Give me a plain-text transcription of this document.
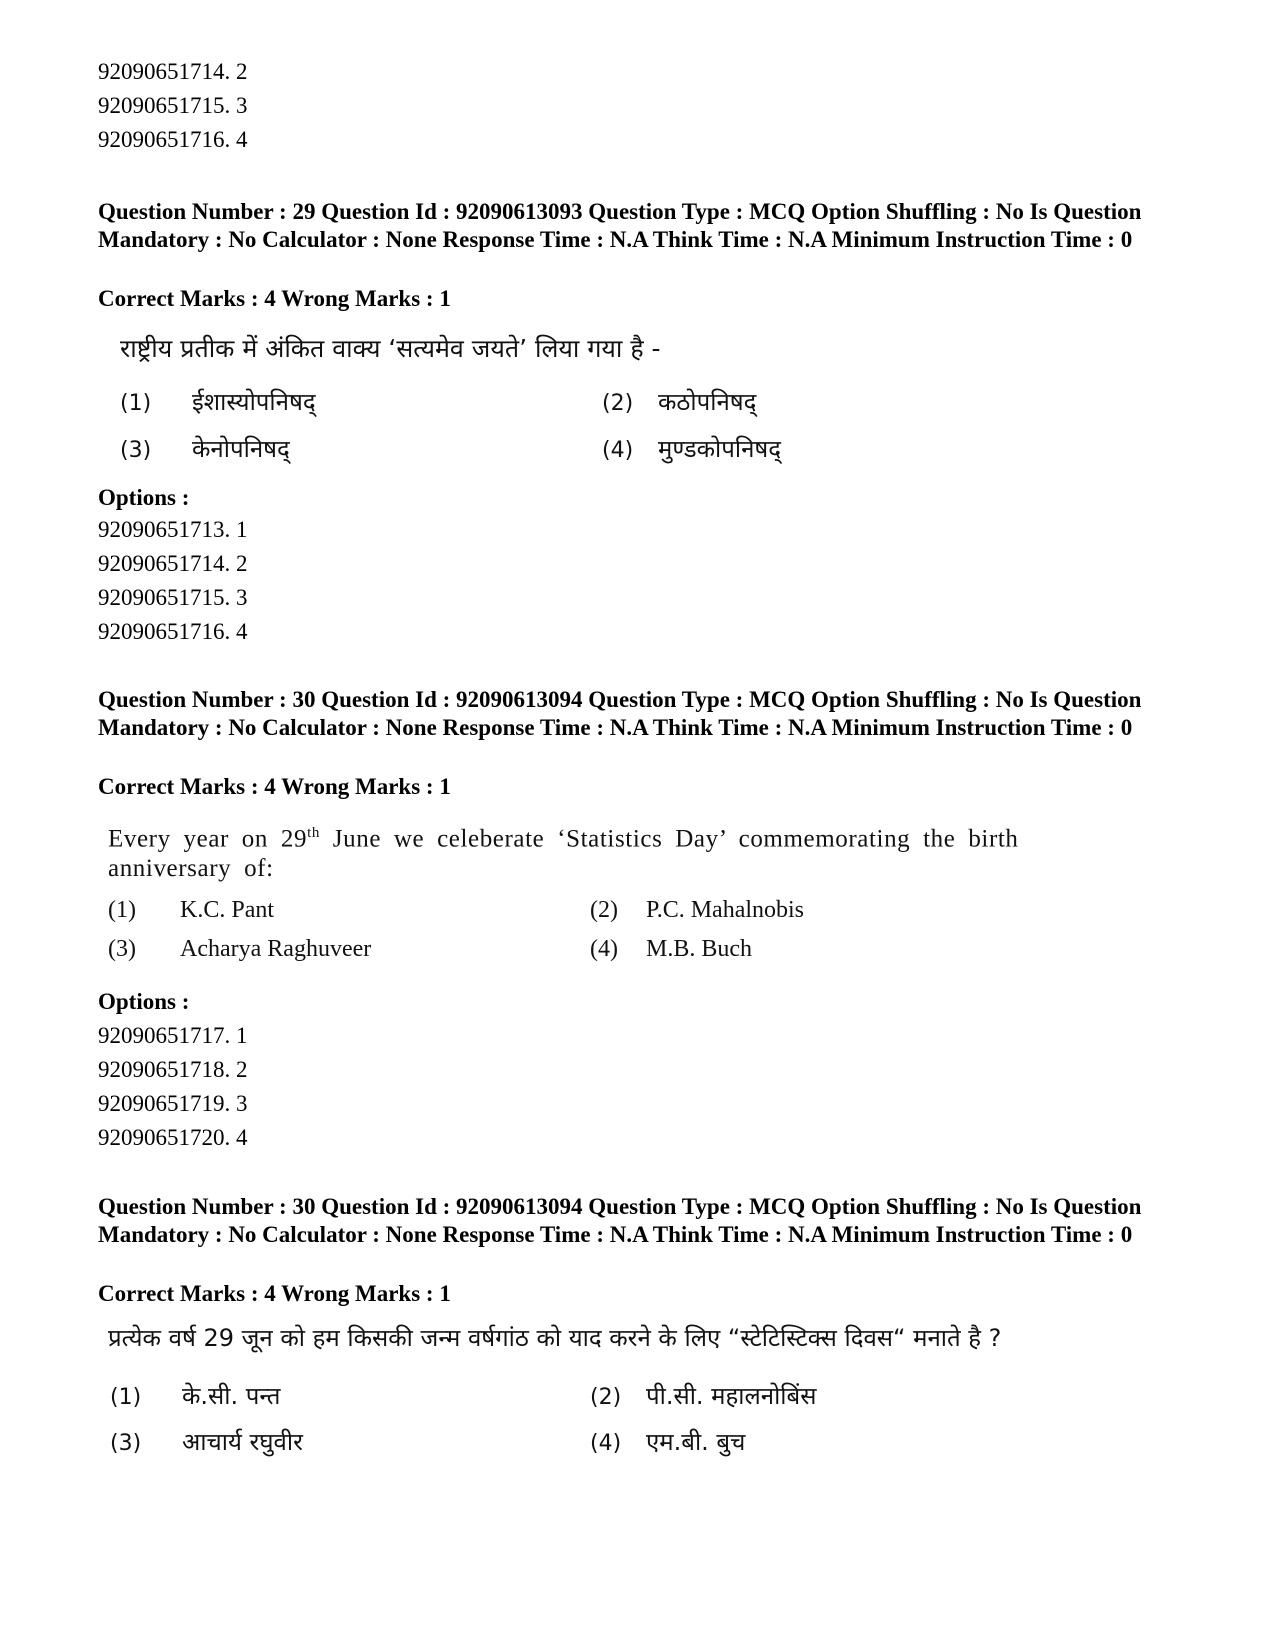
92090651714. 2
92090651715. 3
92090651716. 4
Question Number : 29 Question Id : 92090613093 Question Type : MCQ Option Shuffling : No Is Question Mandatory : No Calculator : None Response Time : N.A Think Time : N.A Minimum Instruction Time : 0
Correct Marks : 4 Wrong Marks : 1
राष्ट्रीय प्रतीक में अंकित वाक्य ‘सत्यमेव जयते’ लिया गया है -
(1) ईशास्योपनिषद्	(2) कठोपनिषद्
(3) केनोपनिषद्	(4) मुण्डकोपनिषद्
Options :
92090651713. 1
92090651714. 2
92090651715. 3
92090651716. 4
Question Number : 30 Question Id : 92090613094 Question Type : MCQ Option Shuffling : No Is Question Mandatory : No Calculator : None Response Time : N.A Think Time : N.A Minimum Instruction Time : 0
Correct Marks : 4 Wrong Marks : 1
Every year on 29th June we celeberate ‘Statistics Day’ commemorating the birth anniversary of:
(1) K.C. Pant	(2) P.C. Mahalnobis
(3) Acharya Raghuveer	(4) M.B. Buch
Options :
92090651717. 1
92090651718. 2
92090651719. 3
92090651720. 4
Question Number : 30 Question Id : 92090613094 Question Type : MCQ Option Shuffling : No Is Question Mandatory : No Calculator : None Response Time : N.A Think Time : N.A Minimum Instruction Time : 0
Correct Marks : 4 Wrong Marks : 1
प्रत्येक वर्ष 29 जून को हम किसकी जन्म वर्षगांठ को याद करने के लिए “स्टेटिस्टिक्स दिवस“ मनाते है ?
(1) के.सी. पन्त	(2) पी.सी. महालनोबिंस
(3) आचार्य रघुवीर	(4) एम.बी. बुच
